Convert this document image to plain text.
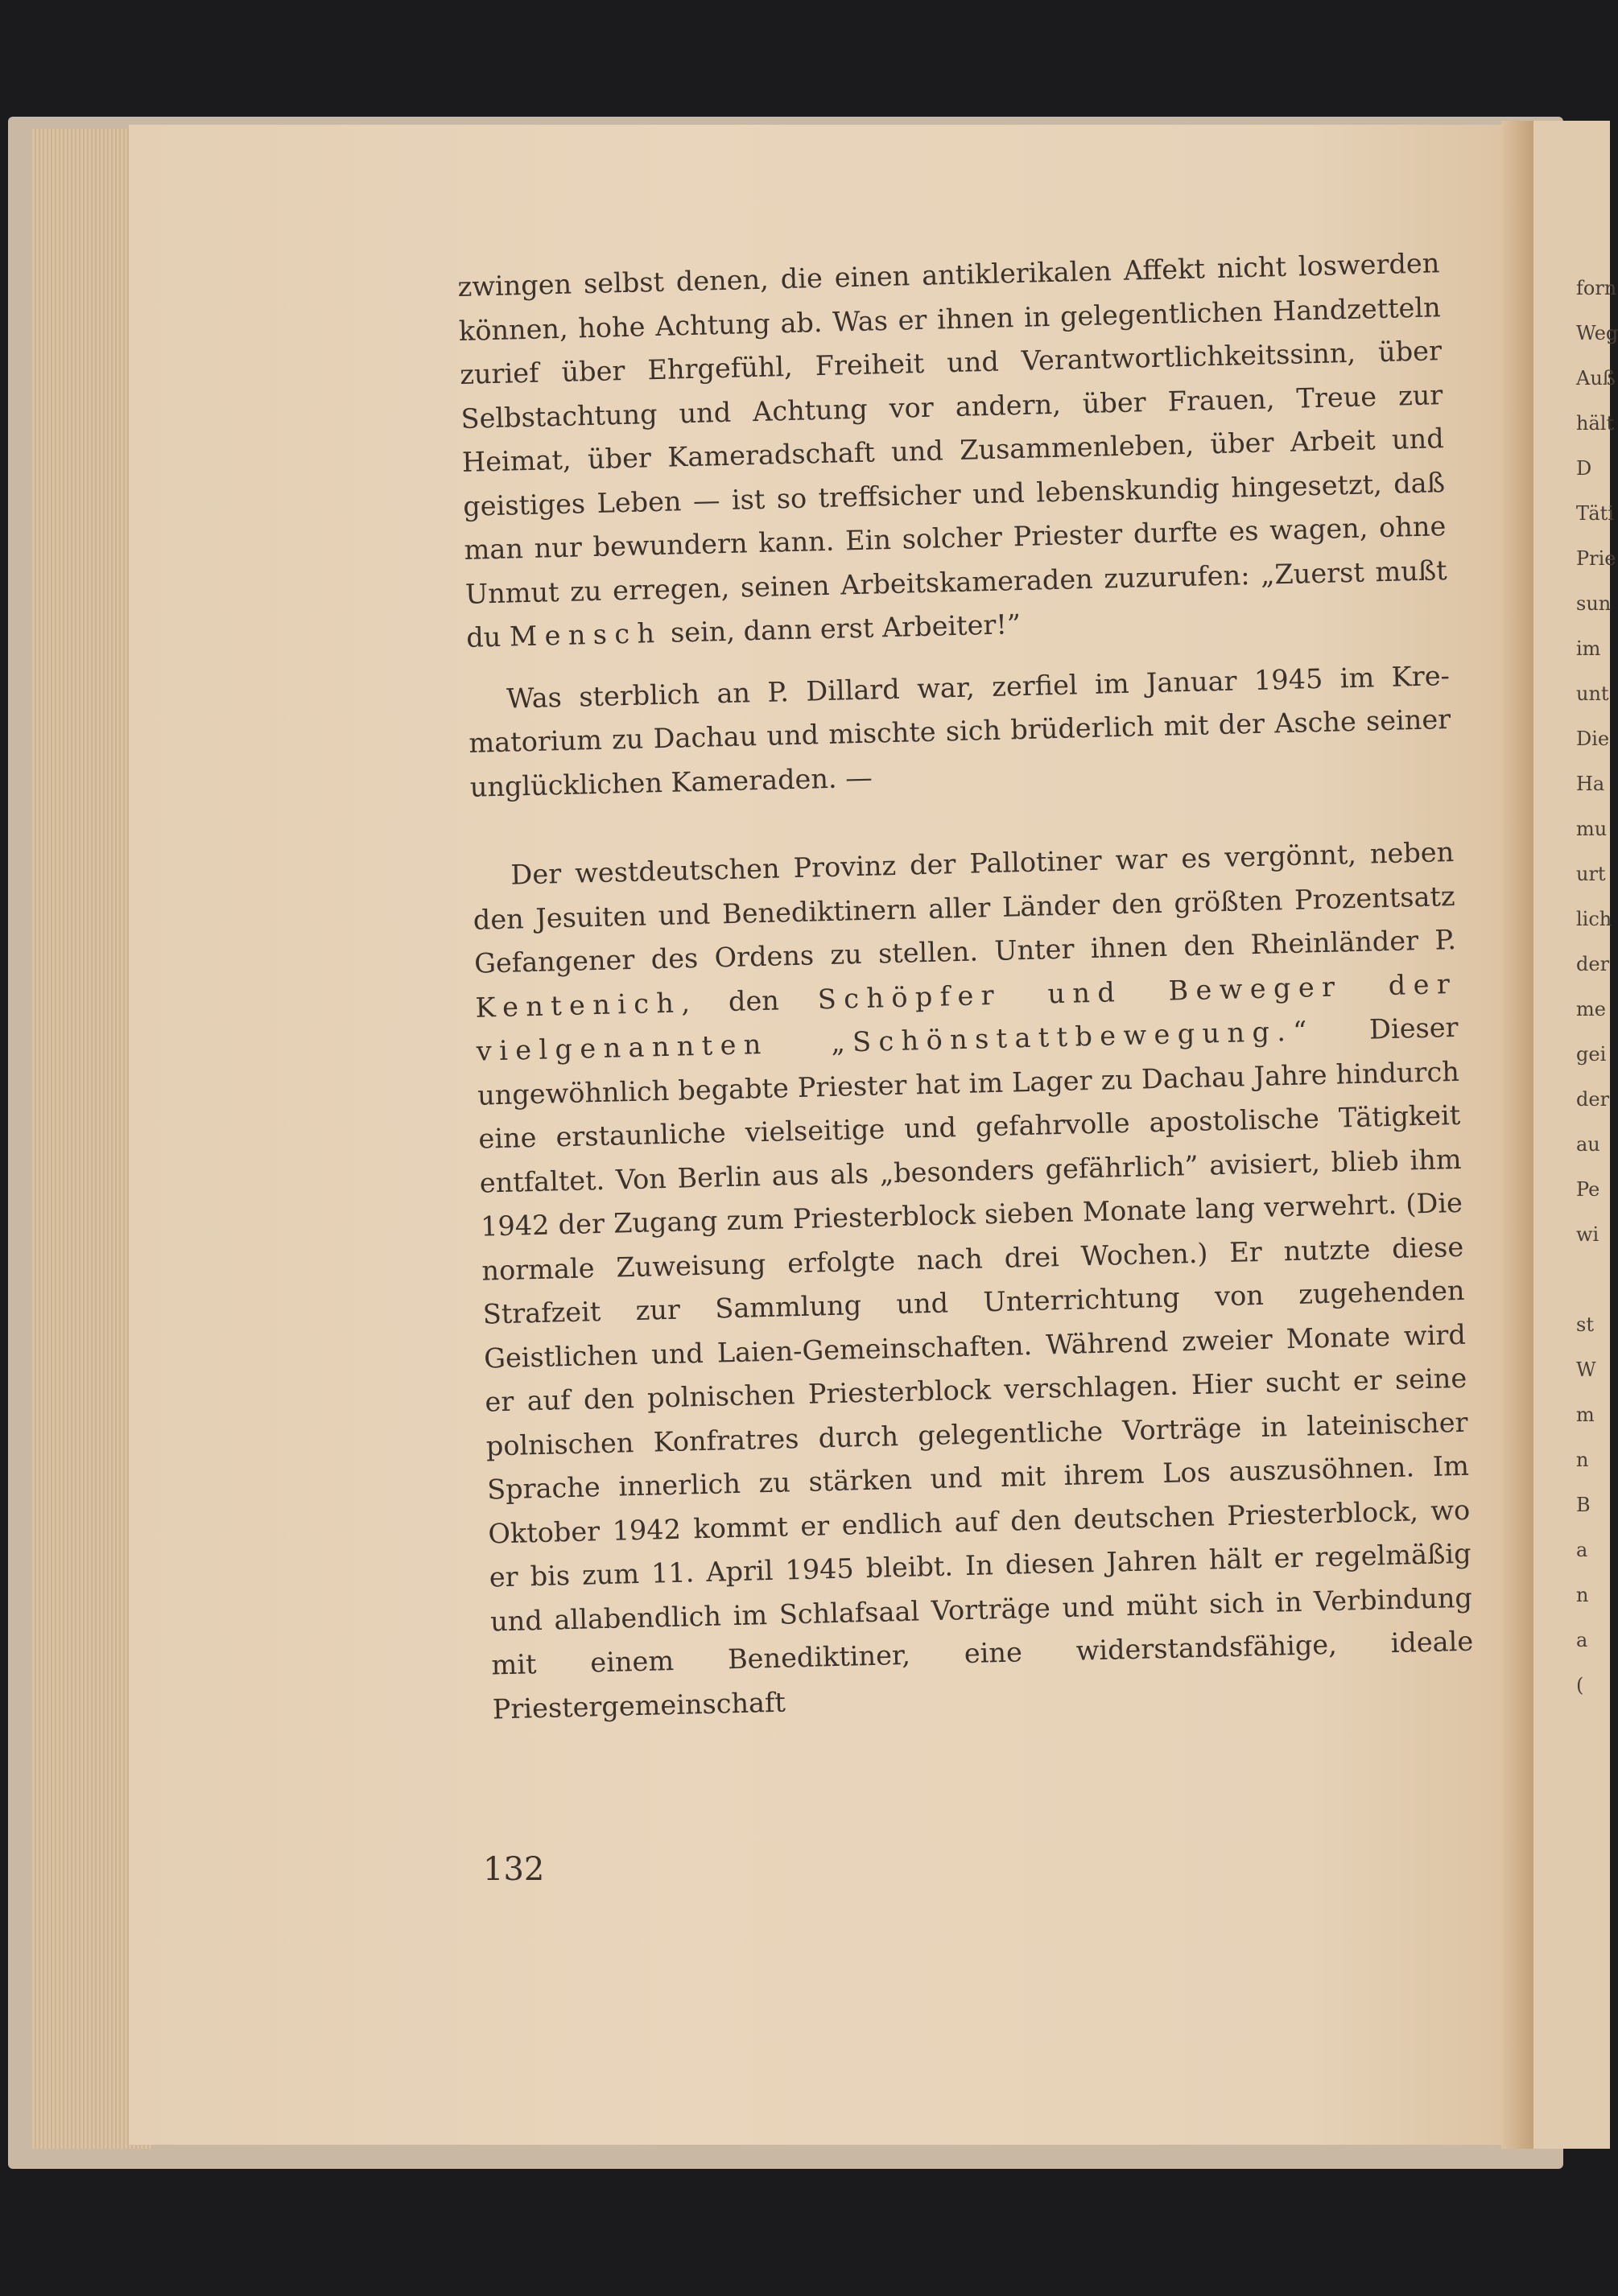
forn
Weg
Auß
hält
D
Täti
Prie
sun
im
unt
Die
Ha
mu
urt
lich
der
me
gei
der
au
Pe
wi
st
W
m
n
B
a
n
a
(

zwingen selbst denen, die einen antiklerikalen Affekt nicht loswerden können, hohe Achtung ab. Was er ihnen in gelegentlichen Handzetteln zurief über Ehrgefühl, Freiheit und Verantwortlichkeitssinn, über Selbstachtung und Achtung vor andern, über Frauen, Treue zur Heimat, über Kameradschaft und Zusammenleben, über Arbeit und geistiges Leben — ist so treffsicher und lebenskundig hingesetzt, daß man nur bewundern kann. Ein solcher Priester durfte es wagen, ohne Unmut zu erregen, seinen Arbeitskameraden zuzurufen: „Zuerst mußt du Mensch sein, dann erst Arbeiter!”

Was sterblich an P. Dillard war, zerfiel im Januar 1945 im Krematorium zu Dachau und mischte sich brüderlich mit der Asche seiner unglücklichen Kameraden. —

Der westdeutschen Provinz der Pallotiner war es vergönnt, neben den Jesuiten und Benediktinern aller Länder den größten Prozentsatz Gefangener des Ordens zu stellen. Unter ihnen den Rheinländer P. Kentenich, den Schöpfer und Beweger der vielgenannten „Schönstattbewegung.“ Dieser ungewöhnlich begabte Priester hat im Lager zu Dachau Jahre hindurch eine erstaunliche vielseitige und gefahrvolle apostolische Tätigkeit entfaltet. Von Berlin aus als „besonders gefährlich” avisiert, blieb ihm 1942 der Zugang zum Priesterblock sieben Monate lang verwehrt. (Die normale Zuweisung erfolgte nach drei Wochen.) Er nutzte diese Strafzeit zur Sammlung und Unterrichtung von zugehenden Geistlichen und Laien-Gemeinschaften. Während zweier Monate wird er auf den polnischen Priesterblock verschlagen. Hier sucht er seine polnischen Konfratres durch gelegentliche Vorträge in lateinischer Sprache innerlich zu stärken und mit ihrem Los auszusöhnen. Im Oktober 1942 kommt er endlich auf den deutschen Priesterblock, wo er bis zum 11. April 1945 bleibt. In diesen Jahren hält er regelmäßig und allabendlich im Schlafsaal Vorträge und müht sich in Verbindung mit einem Benediktiner, eine widerstandsfähige, ideale Priestergemeinschaft

132
